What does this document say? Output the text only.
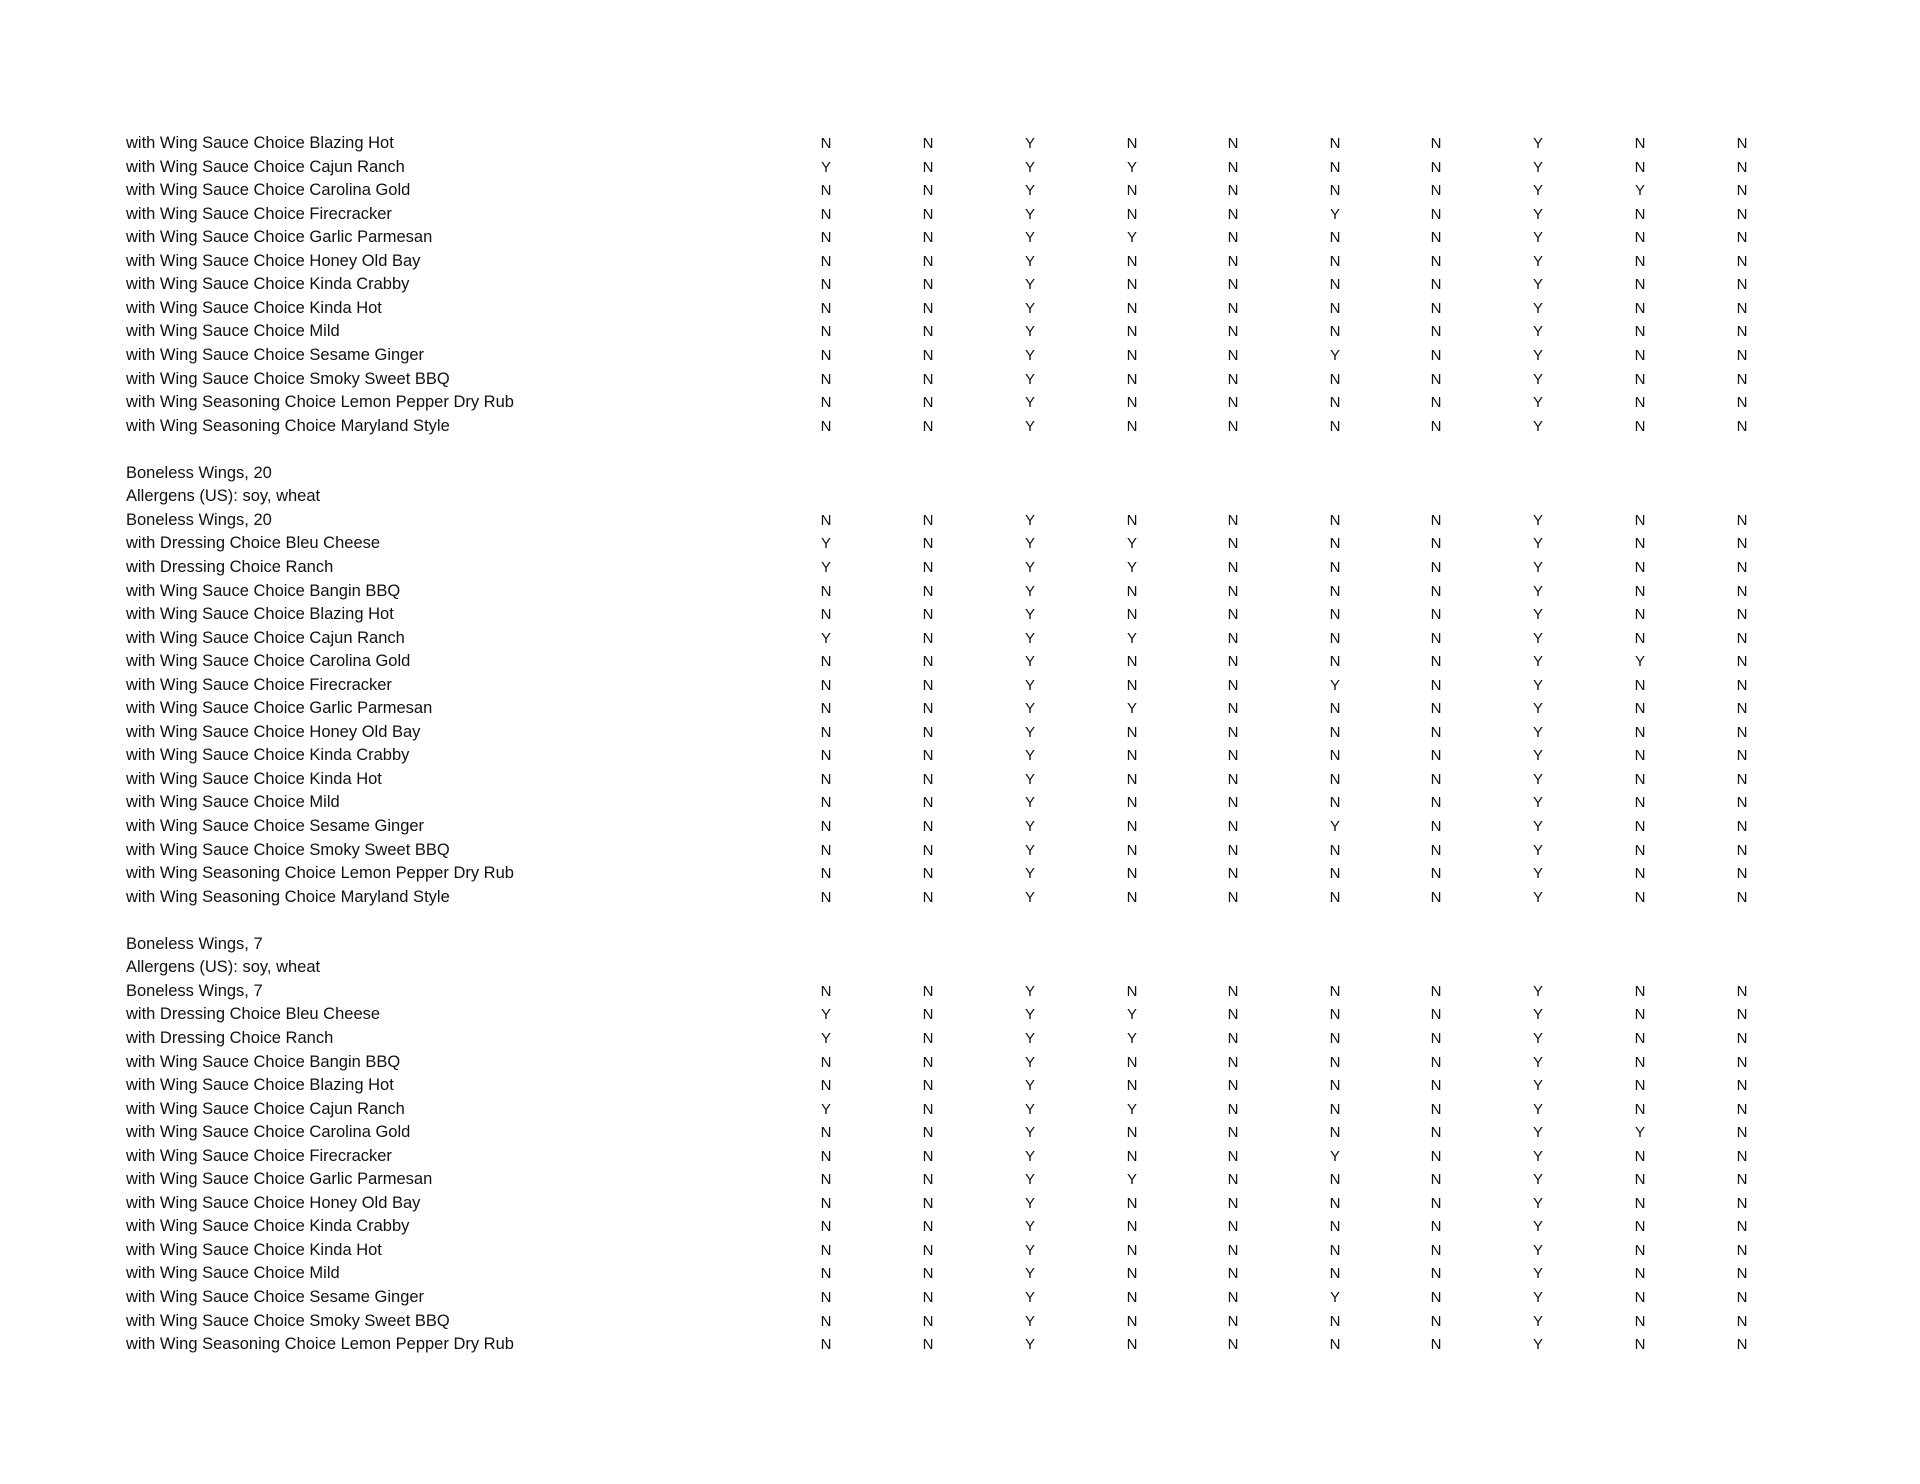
with Wing Sauce Choice Blazing Hot	N	N	Y	N	N	N	N	Y	N	N
with Wing Sauce Choice Cajun Ranch	Y	N	Y	Y	N	N	N	Y	N	N
with Wing Sauce Choice Carolina Gold	N	N	Y	N	N	N	N	Y	Y	N
with Wing Sauce Choice Firecracker	N	N	Y	N	N	Y	N	Y	N	N
with Wing Sauce Choice Garlic Parmesan	N	N	Y	Y	N	N	N	Y	N	N
with Wing Sauce Choice Honey Old Bay	N	N	Y	N	N	N	N	Y	N	N
with Wing Sauce Choice Kinda Crabby	N	N	Y	N	N	N	N	Y	N	N
with Wing Sauce Choice Kinda Hot	N	N	Y	N	N	N	N	Y	N	N
with Wing Sauce Choice Mild	N	N	Y	N	N	N	N	Y	N	N
with Wing Sauce Choice Sesame Ginger	N	N	Y	N	N	Y	N	Y	N	N
with Wing Sauce Choice Smoky Sweet BBQ	N	N	Y	N	N	N	N	Y	N	N
with Wing Seasoning Choice Lemon Pepper Dry Rub	N	N	Y	N	N	N	N	Y	N	N
with Wing Seasoning Choice Maryland Style	N	N	Y	N	N	N	N	Y	N	N
Boneless Wings, 20
Allergens (US): soy, wheat
Boneless Wings, 20	N	N	Y	N	N	N	N	Y	N	N
with Dressing Choice Bleu Cheese	Y	N	Y	Y	N	N	N	Y	N	N
with Dressing Choice Ranch	Y	N	Y	Y	N	N	N	Y	N	N
with Wing Sauce Choice Bangin BBQ	N	N	Y	N	N	N	N	Y	N	N
with Wing Sauce Choice Blazing Hot	N	N	Y	N	N	N	N	Y	N	N
with Wing Sauce Choice Cajun Ranch	Y	N	Y	Y	N	N	N	Y	N	N
with Wing Sauce Choice Carolina Gold	N	N	Y	N	N	N	N	Y	Y	N
with Wing Sauce Choice Firecracker	N	N	Y	N	N	Y	N	Y	N	N
with Wing Sauce Choice Garlic Parmesan	N	N	Y	Y	N	N	N	Y	N	N
with Wing Sauce Choice Honey Old Bay	N	N	Y	N	N	N	N	Y	N	N
with Wing Sauce Choice Kinda Crabby	N	N	Y	N	N	N	N	Y	N	N
with Wing Sauce Choice Kinda Hot	N	N	Y	N	N	N	N	Y	N	N
with Wing Sauce Choice Mild	N	N	Y	N	N	N	N	Y	N	N
with Wing Sauce Choice Sesame Ginger	N	N	Y	N	N	Y	N	Y	N	N
with Wing Sauce Choice Smoky Sweet BBQ	N	N	Y	N	N	N	N	Y	N	N
with Wing Seasoning Choice Lemon Pepper Dry Rub	N	N	Y	N	N	N	N	Y	N	N
with Wing Seasoning Choice Maryland Style	N	N	Y	N	N	N	N	Y	N	N
Boneless Wings, 7
Allergens (US): soy, wheat
Boneless Wings, 7	N	N	Y	N	N	N	N	Y	N	N
with Dressing Choice Bleu Cheese	Y	N	Y	Y	N	N	N	Y	N	N
with Dressing Choice Ranch	Y	N	Y	Y	N	N	N	Y	N	N
with Wing Sauce Choice Bangin BBQ	N	N	Y	N	N	N	N	Y	N	N
with Wing Sauce Choice Blazing Hot	N	N	Y	N	N	N	N	Y	N	N
with Wing Sauce Choice Cajun Ranch	Y	N	Y	Y	N	N	N	Y	N	N
with Wing Sauce Choice Carolina Gold	N	N	Y	N	N	N	N	Y	Y	N
with Wing Sauce Choice Firecracker	N	N	Y	N	N	Y	N	Y	N	N
with Wing Sauce Choice Garlic Parmesan	N	N	Y	Y	N	N	N	Y	N	N
with Wing Sauce Choice Honey Old Bay	N	N	Y	N	N	N	N	Y	N	N
with Wing Sauce Choice Kinda Crabby	N	N	Y	N	N	N	N	Y	N	N
with Wing Sauce Choice Kinda Hot	N	N	Y	N	N	N	N	Y	N	N
with Wing Sauce Choice Mild	N	N	Y	N	N	N	N	Y	N	N
with Wing Sauce Choice Sesame Ginger	N	N	Y	N	N	Y	N	Y	N	N
with Wing Sauce Choice Smoky Sweet BBQ	N	N	Y	N	N	N	N	Y	N	N
with Wing Seasoning Choice Lemon Pepper Dry Rub	N	N	Y	N	N	N	N	Y	N	N
